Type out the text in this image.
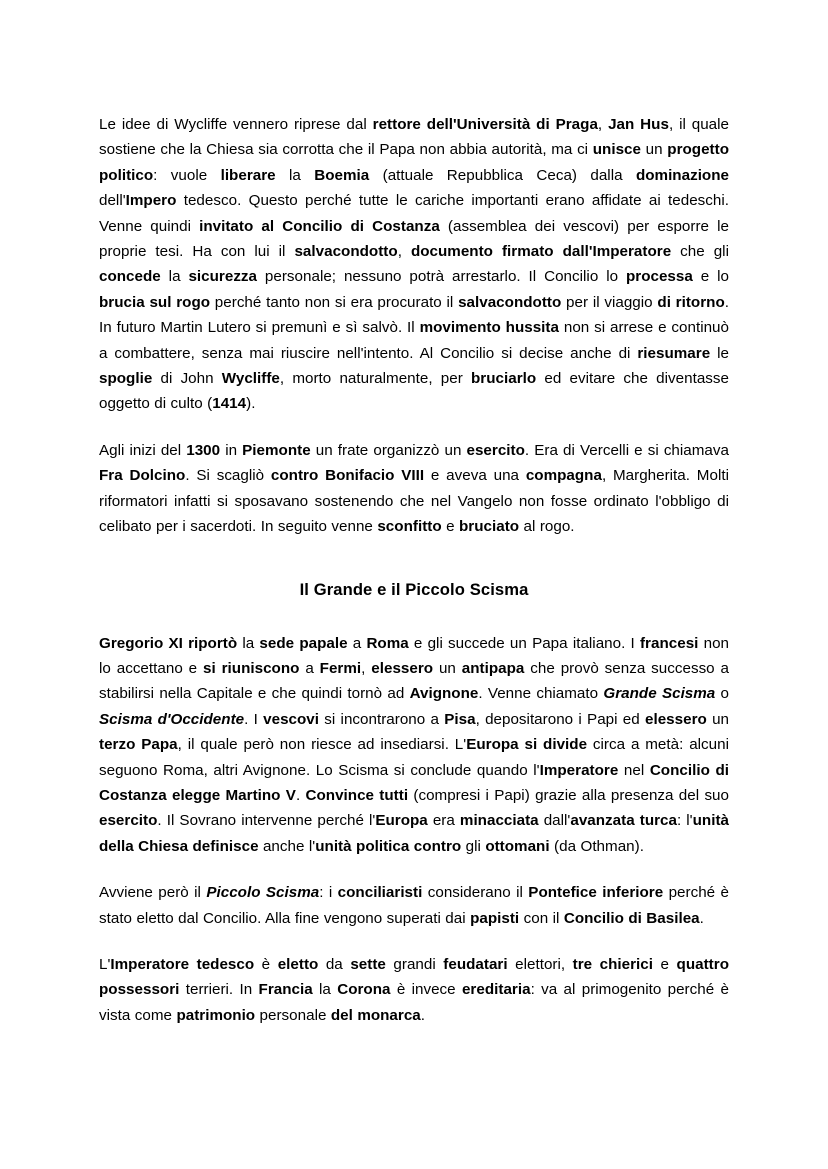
Le idee di Wycliffe vennero riprese dal rettore dell'Università di Praga, Jan Hus, il quale sostiene che la Chiesa sia corrotta che il Papa non abbia autorità, ma ci unisce un progetto politico: vuole liberare la Boemia (attuale Repubblica Ceca) dalla dominazione dell'Impero tedesco. Questo perché tutte le cariche importanti erano affidate ai tedeschi. Venne quindi invitato al Concilio di Costanza (assemblea dei vescovi) per esporre le proprie tesi. Ha con lui il salvacondotto, documento firmato dall'Imperatore che gli concede la sicurezza personale; nessuno potrà arrestarlo. Il Concilio lo processa e lo brucia sul rogo perché tanto non si era procurato il salvacondotto per il viaggio di ritorno. In futuro Martin Lutero si premunì e sì salvò. Il movimento hussita non si arrese e continuò a combattere, senza mai riuscire nell'intento. Al Concilio si decise anche di riesumare le spoglie di John Wycliffe, morto naturalmente, per bruciarlo ed evitare che diventasse oggetto di culto (1414).

Agli inizi del 1300 in Piemonte un frate organizzò un esercito. Era di Vercelli e si chiamava Fra Dolcino. Si scagliò contro Bonifacio VIII e aveva una compagna, Margherita. Molti riformatori infatti si sposavano sostenendo che nel Vangelo non fosse ordinato l'obbligo di celibato per i sacerdoti. In seguito venne sconfitto e bruciato al rogo.

Il Grande e il Piccolo Scisma

Gregorio XI riportò la sede papale a Roma e gli succede un Papa italiano. I francesi non lo accettano e si riuniscono a Fermi, elessero un antipapa che provò senza successo a stabilirsi nella Capitale e che quindi tornò ad Avignone. Venne chiamato Grande Scisma o Scisma d'Occidente. I vescovi si incontrarono a Pisa, depositarono i Papi ed elessero un terzo Papa, il quale però non riesce ad insediarsi. L'Europa si divide circa a metà: alcuni seguono Roma, altri Avignone. Lo Scisma si conclude quando l'Imperatore nel Concilio di Costanza elegge Martino V. Convince tutti (compresi i Papi) grazie alla presenza del suo esercito. Il Sovrano intervenne perché l'Europa era minacciata dall'avanzata turca: l'unità della Chiesa definisce anche l'unità politica contro gli ottomani (da Othman).

Avviene però il Piccolo Scisma: i conciliaristi considerano il Pontefice inferiore perché è stato eletto dal Concilio. Alla fine vengono superati dai papisti con il Concilio di Basilea.

L'Imperatore tedesco è eletto da sette grandi feudatari elettori, tre chierici e quattro possessori terrieri. In Francia la Corona è invece ereditaria: va al primogenito perché è vista come patrimonio personale del monarca.
